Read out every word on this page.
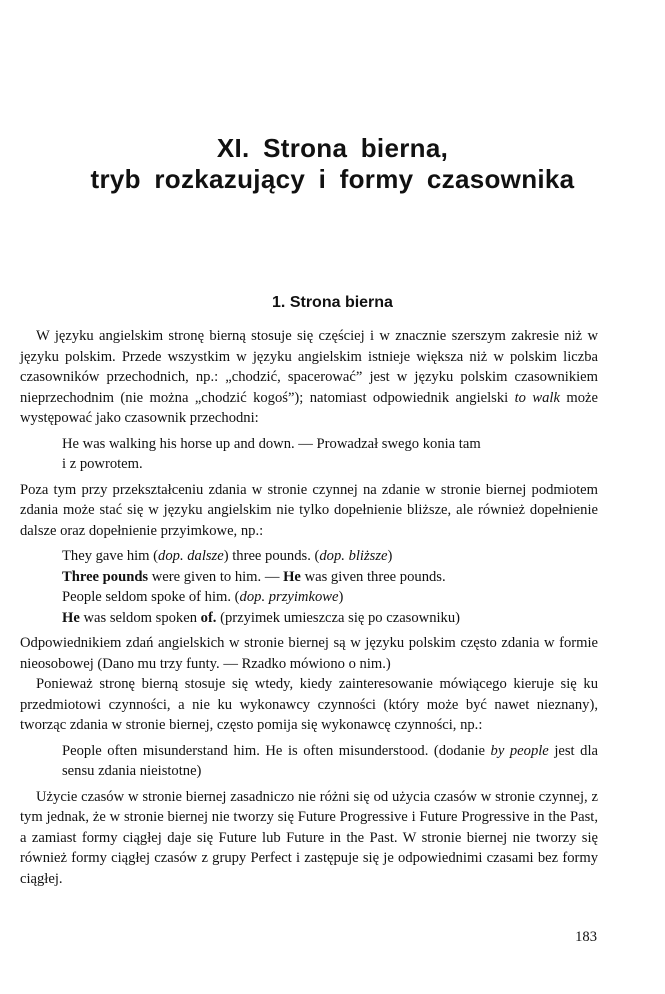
XI. Strona bierna,
tryb rozkazujący i formy czasownika
1. Strona bierna

W języku angielskim stronę bierną stosuje się częściej i w znacznie szerszym zakresie niż w języku polskim. Przede wszystkim w języku angielskim istnieje większa niż w polskim liczba czasowników przechodnich, np.: „chodzić, spacerować” jest w języku polskim czasownikiem nieprzechodnim (nie można „chodzić kogoś”); natomiast odpowiednik angielski to walk może występować jako czasownik przechodni:

He was walking his horse up and down. — Prowadzał swego konia tam
i z powrotem.

Poza tym przy przekształceniu zdania w stronie czynnej na zdanie w stronie biernej podmiotem zdania może stać się w języku angielskim nie tylko dopełnienie bliższe, ale również dopełnienie dalsze oraz dopełnienie przyimkowe, np.:

They gave him (dop. dalsze) three pounds. (dop. bliższe)
Three pounds were given to him. — He was given three pounds.
People seldom spoke of him. (dop. przyimkowe)
He was seldom spoken of. (przyimek umieszcza się po czasowniku)

Odpowiednikiem zdań angielskich w stronie biernej są w języku polskim często zdania w formie nieosobowej (Dano mu trzy funty. — Rzadko mówiono o nim.)

Ponieważ stronę bierną stosuje się wtedy, kiedy zainteresowanie mówiącego kieruje się ku przedmiotowi czynności, a nie ku wykonawcy czynności (który może być nawet nieznany), tworząc zdania w stronie biernej, często pomija się wykonawcę czynności, np.:

People often misunderstand him. He is often misunderstood. (dodanie by people jest dla sensu zdania nieistotne)

Użycie czasów w stronie biernej zasadniczo nie różni się od użycia czasów w stronie czynnej, z tym jednak, że w stronie biernej nie tworzy się Future Progressive i Future Progressive in the Past, a zamiast formy ciągłej daje się Future lub Future in the Past. W stronie biernej nie tworzy się również formy ciągłej czasów z grupy Perfect i zastępuje się je odpowiednimi czasami bez formy ciągłej.

183
